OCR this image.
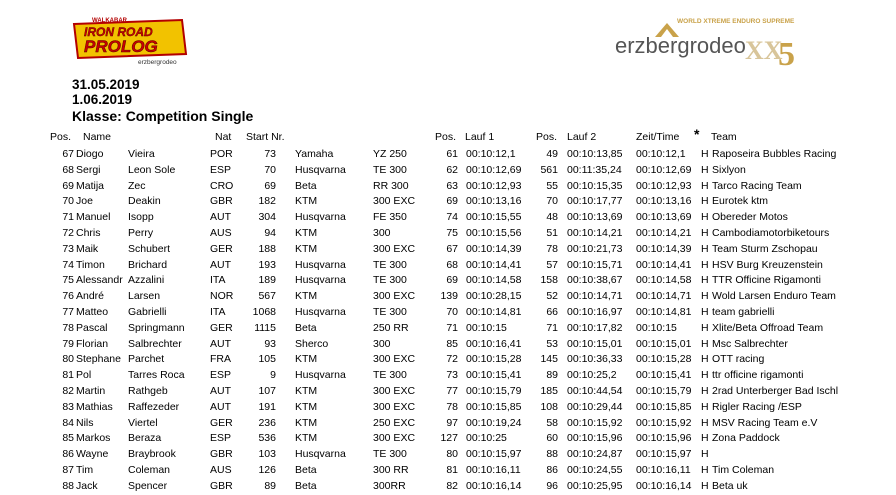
WALKABAR
IRON ROAD
PROLOG
erzbergrodeo
WORLD XTREME ENDURO SUPREME
erzbergrodeo XX
5
31.05.2019
1.06.2019
Klasse: Competition Single
Pos. Name	Nat Start Nr.	Pos. Lauf 1	Pos. Lauf 2	Zeit/Time * Team
67 Diogo Vieira	POR	73 Yamaha	YZ 250	61 00:10:12,1	49 00:10:13,85 00:10:12,1 H Raposeira Bubbles Racing
68 Sergi	Leon Sole	ESP	70 Husqvarna	TE 300	62 00:10:12,69	561 00:11:35,24 00:10:12,69 H Sixlyon
69 Matija Zec	CRO	69 Beta	RR 300	63 00:10:12,93	55 00:10:15,35 00:10:12,93 H Tarco Racing Team
70 Joe	Deakin	GBR	182 KTM	300 EXC	69 00:10:13,16	70 00:10:17,77 00:10:13,16 H Eurotek ktm
71 Manuel Isopp	AUT	304 Husqvarna	FE 350	74 00:10:15,55	48 00:10:13,69 00:10:13,69 H Obereder Motos
72 Chris	Perry	AUS	94 KTM	300	75 00:10:15,56	51 00:10:14,21 00:10:14,21 H Cambodiamotorbiketours
73 Maik	Schubert	GER	188 KTM	300 EXC	67 00:10:14,39	78 00:10:21,73 00:10:14,39 H Team Sturm Zschopau
74 Timon Brichard	AUT	193 Husqvarna	TE 300	68 00:10:14,41	57 00:10:15,71 00:10:14,41 H HSV Burg Kreuzenstein
75 Alessandr Azzalini	ITA	189 Husqvarna	TE 300	69 00:10:14,58	158 00:10:38,67 00:10:14,58 H TTR Officine Rigamonti
76 André Larsen	NOR	567 KTM	300 EXC	139 00:10:28,15	52 00:10:14,71 00:10:14,71 H Wold Larsen Enduro Team
77 Matteo Gabrielli	ITA	1068 Husqvarna	TE 300	70 00:10:14,81	66 00:10:16,97 00:10:14,81 H team gabrielli
78 Pascal Springmann GER	1115 Beta	250 RR	71 00:10:15	71 00:10:17,82 00:10:15 H Xlite/Beta Offroad Team
79 Florian Salbrechter	AUT	93 Sherco	300	85 00:10:16,41	53 00:10:15,01 00:10:15,01 H Msc Salbrechter
80 Stephane Parchet	FRA	105 KTM	300 EXC	72 00:10:15,28	145 00:10:36,33 00:10:15,28 H OTT racing
81 Pol	Tarres Roca ESP	9 Husqvarna	TE 300	73 00:10:15,41	89 00:10:25,2 00:10:15,41 H ttr officine rigamonti
82 Martin Rathgeb	AUT	107 KTM	300 EXC	77 00:10:15,79	185 00:10:44,54 00:10:15,79 H 2rad Unterberger Bad Ischl
83 Mathias Raffezeder	AUT	191 KTM	300 EXC	78 00:10:15,85	108 00:10:29,44 00:10:15,85 H Rigler Racing /ESP
84 Nils	Viertel	GER	236 KTM	250 EXC	97 00:10:19,24	58 00:10:15,92 00:10:15,92 H MSV Racing Team e.V
85 Markos Beraza	ESP	536 KTM	300 EXC	127 00:10:25	60 00:10:15,96 00:10:15,96 H Zona Paddock
86 Wayne Braybrook	GBR	103 Husqvarna	TE 300	80 00:10:15,97	88 00:10:24,87 00:10:15,97 H
87 Tim	Coleman	AUS	126 Beta	300 RR	81 00:10:16,11	86 00:10:24,55 00:10:16,11 H Tim Coleman
88 Jack	Spencer	GBR	89 Beta	300RR	82 00:10:16,14	96 00:10:25,95 00:10:16,14 H Beta uk
